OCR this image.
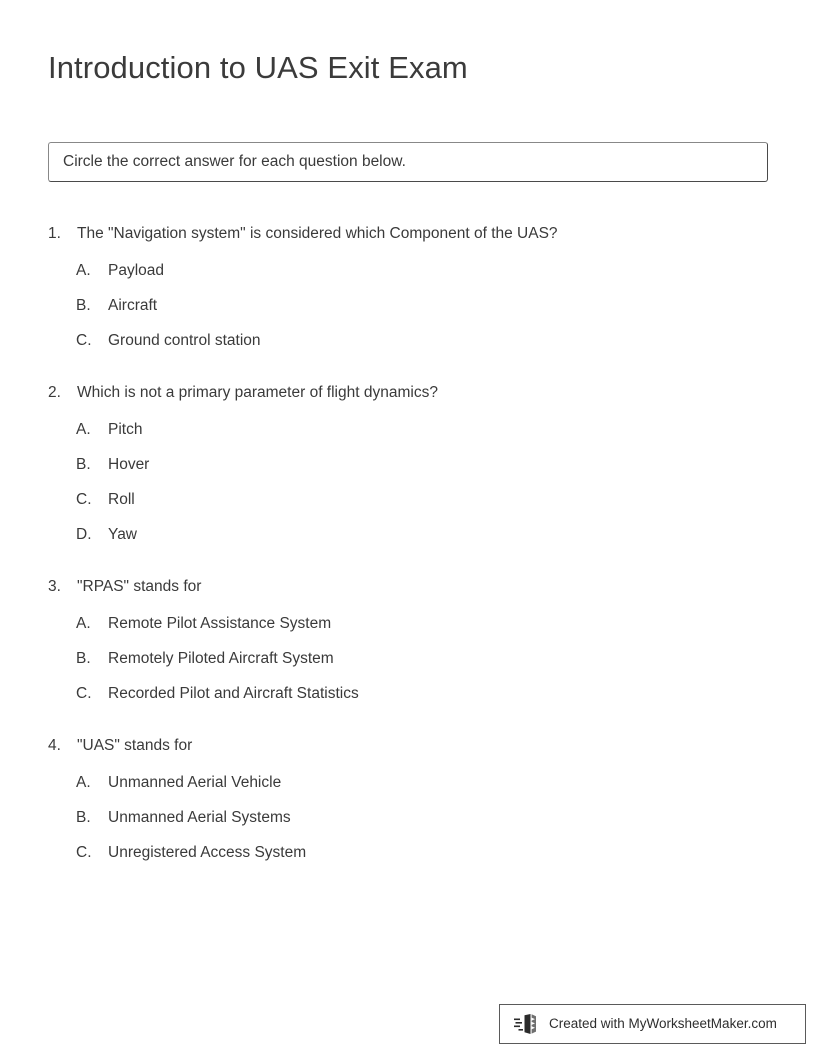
Introduction to UAS Exit Exam
Circle the correct answer for each question below.
1.	The "Navigation system" is considered which Component of the UAS?
A.	Payload
B.	Aircraft
C.	Ground control station
2.	Which is not a primary parameter of flight dynamics?
A.	Pitch
B.	Hover
C.	Roll
D.	Yaw
3.	"RPAS" stands for
A.	Remote Pilot Assistance System
B.	Remotely Piloted Aircraft System
C.	Recorded Pilot and Aircraft Statistics
4.	"UAS" stands for
A.	Unmanned Aerial Vehicle
B.	Unmanned Aerial Systems
C.	Unregistered Access System
Created with MyWorksheetMaker.com
